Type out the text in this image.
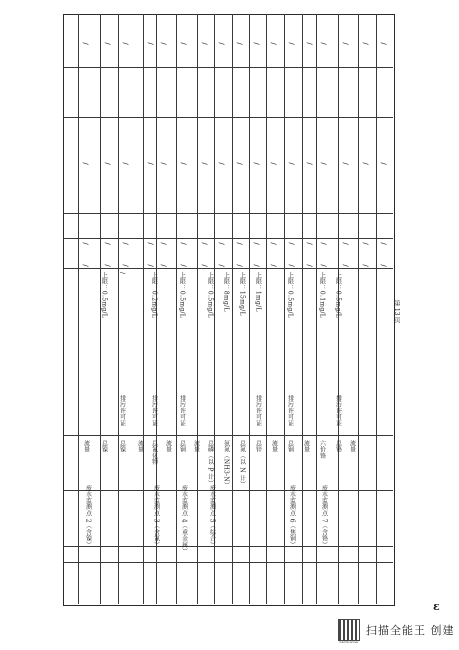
/ / / / / / / / / / / / / / / / /
/ / / / / / / / / / / / / / / / /
/ / / / / / / / / / / / / / / / /
/ / / / / / / / / / / / / / / / /
废水监测点 2（含镍）
流量 总镍
上限：0.5mg/L
总镍
/
流量
排污许可证
废水监测点 3（含氰）
总氰化物
上限：0.2mg/L
流量
排污许可证
废水监测点 4（重金属）
总铜
上限：0.5mg/L
流量
排污许可证
废水监测点 5（综合）
总磷（以 P 计）
上限：0.5mg/L
氨氮（NH3-N）
上限：8mg/L
总氮（以 N 计）
上限：15mg/L
总锌
上限：1mg/L
流量
排污许可证
废水监测点 6（焦铜）
总铜
上限：0.5mg/L
流量
排污许可证
废水监测点 7（含铬）
六价铬
上限：0.1mg/L
总铬
上限：0.5mg/L
流量
排污许可证
第 13 页
ε
CamScanner
扫描全能王 创建
